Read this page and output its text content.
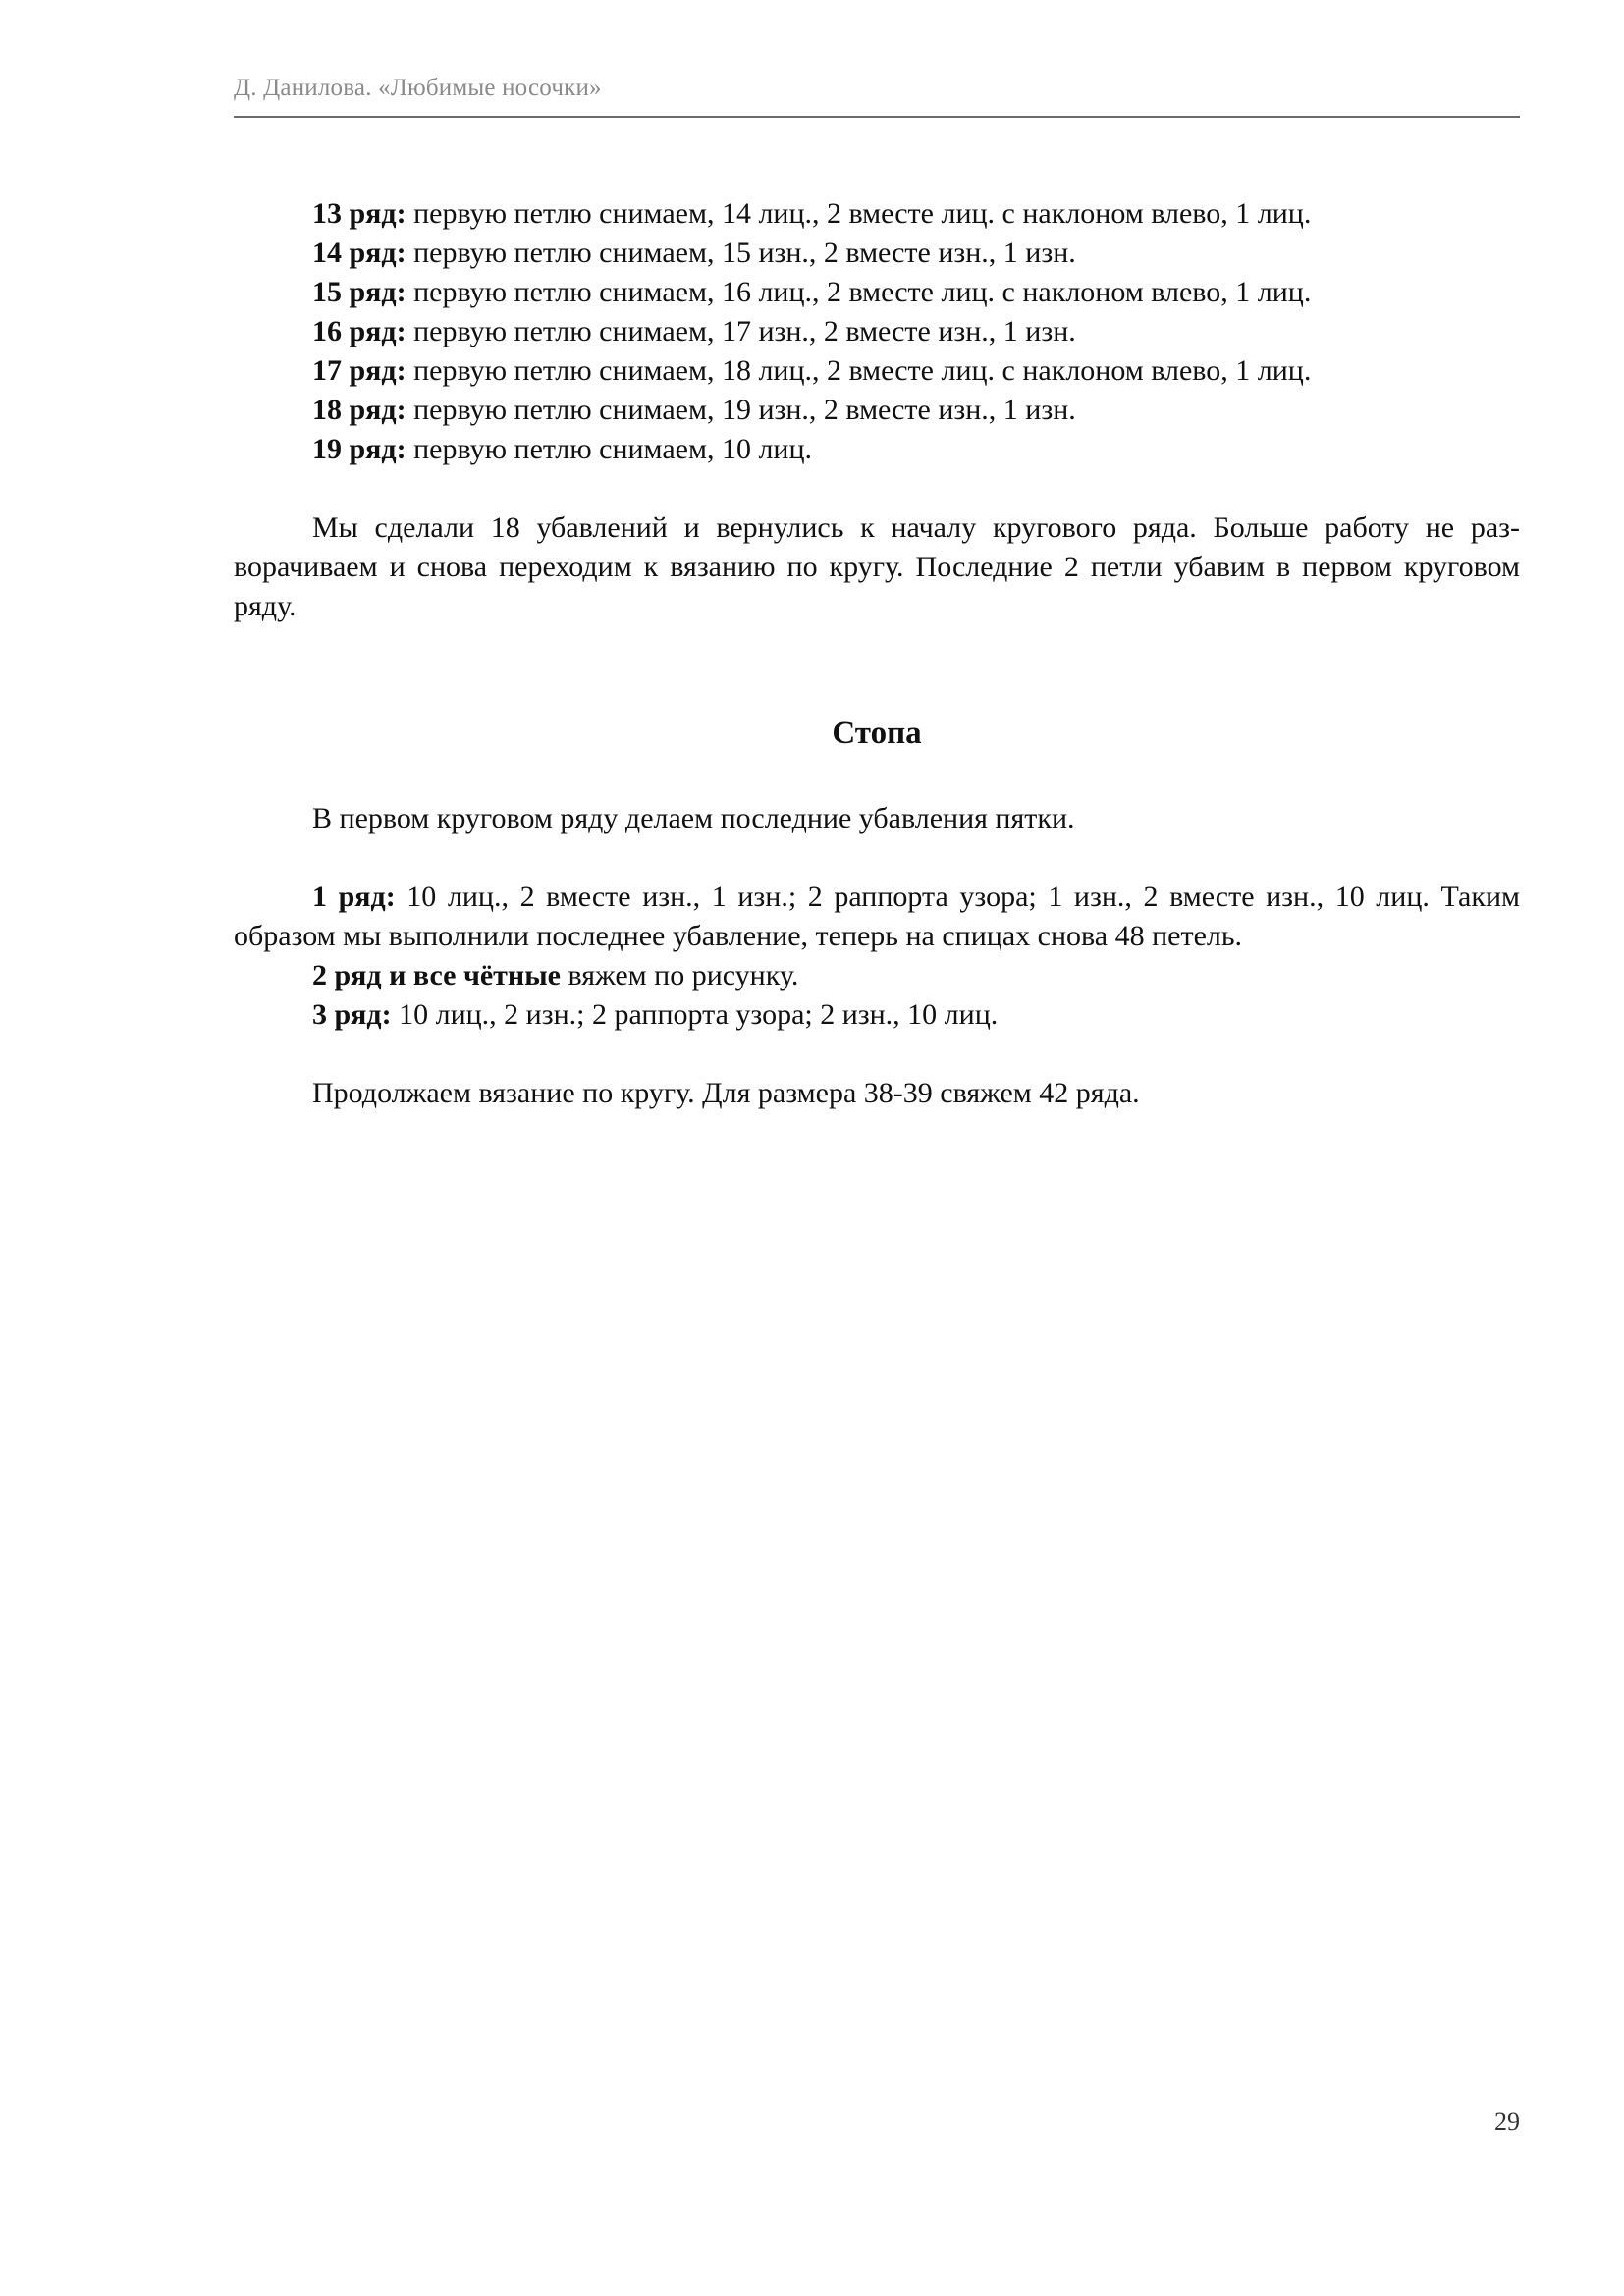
Д. Данилова. «Любимые носочки»
13 ряд: первую петлю снимаем, 14 лиц., 2 вместе лиц. с наклоном влево, 1 лиц.
14 ряд: первую петлю снимаем, 15 изн., 2 вместе изн., 1 изн.
15 ряд: первую петлю снимаем, 16 лиц., 2 вместе лиц. с наклоном влево, 1 лиц.
16 ряд: первую петлю снимаем, 17 изн., 2 вместе изн., 1 изн.
17 ряд: первую петлю снимаем, 18 лиц., 2 вместе лиц. с наклоном влево, 1 лиц.
18 ряд: первую петлю снимаем, 19 изн., 2 вместе изн., 1 изн.
19 ряд: первую петлю снимаем, 10 лиц.
Мы сделали 18 убавлений и вернулись к началу кругового ряда. Больше работу не разворачиваем и снова переходим к вязанию по кругу. Последние 2 петли убавим в первом круговом ряду.
Стопа
В первом круговом ряду делаем последние убавления пятки.
1 ряд: 10 лиц., 2 вместе изн., 1 изн.; 2 раппорта узора; 1 изн., 2 вместе изн., 10 лиц. Таким образом мы выполнили последнее убавление, теперь на спицах снова 48 петель.
2 ряд и все чётные вяжем по рисунку.
3 ряд: 10 лиц., 2 изн.; 2 раппорта узора; 2 изн., 10 лиц.
Продолжаем вязание по кругу. Для размера 38-39 свяжем 42 ряда.
29
